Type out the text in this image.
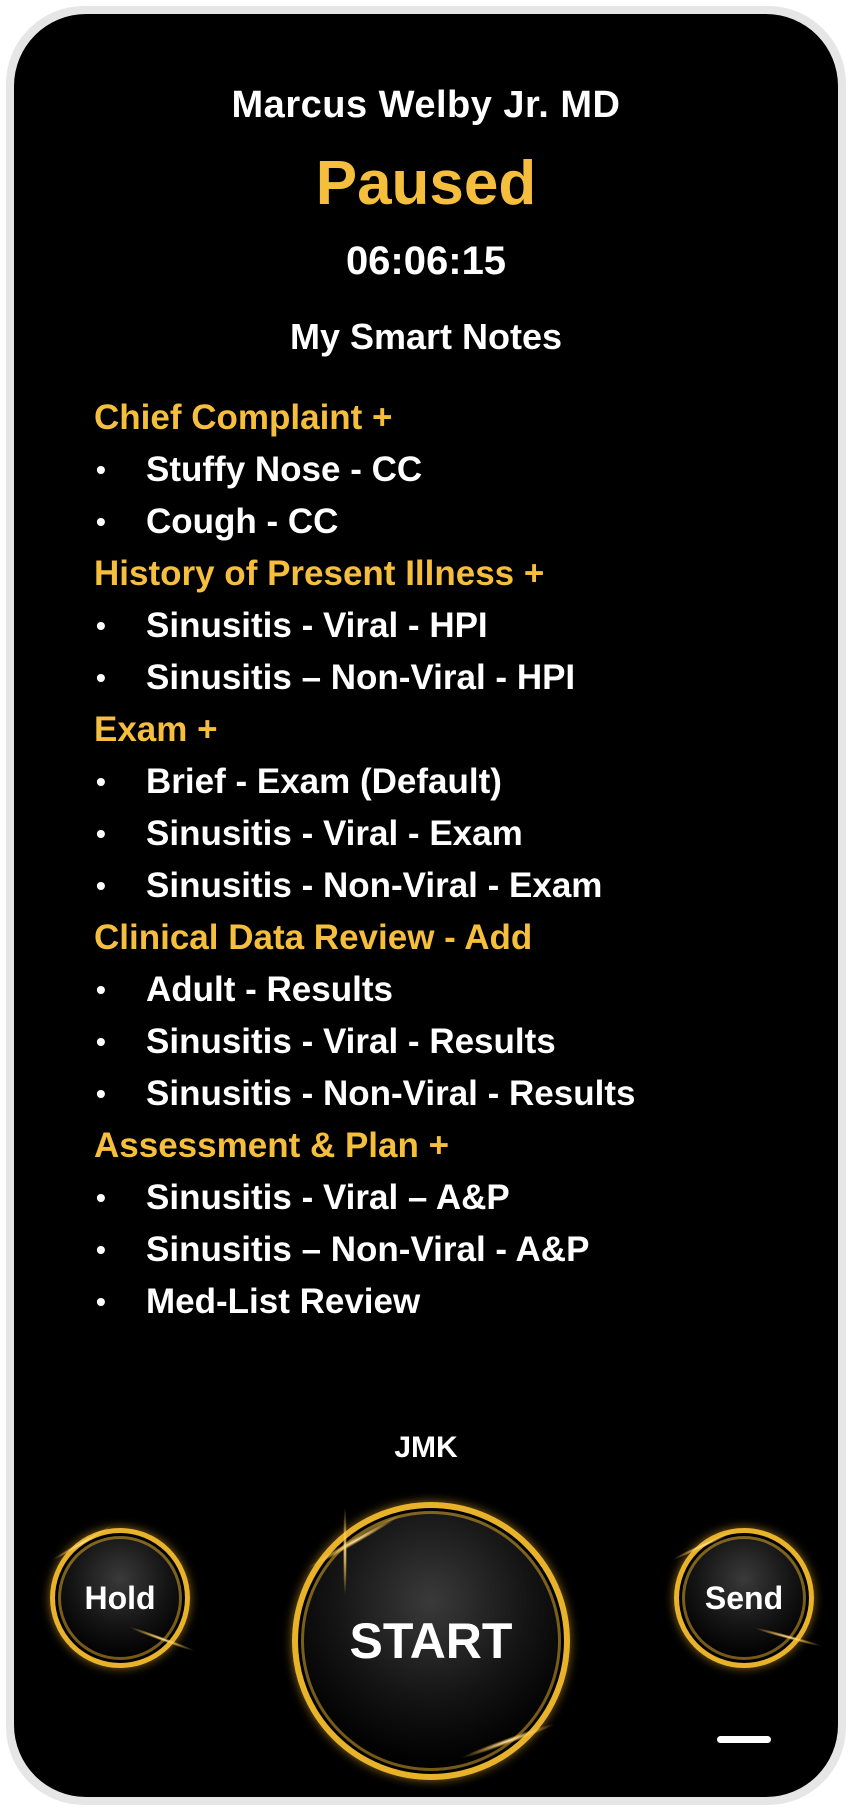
Marcus Welby Jr. MD
Paused
06:06:15
My Smart Notes
Chief Complaint +
• Stuffy Nose - CC
• Cough - CC
History of Present Illness +
• Sinusitis - Viral - HPI
• Sinusitis – Non-Viral - HPI
Exam +
• Brief - Exam (Default)
• Sinusitis - Viral - Exam
• Sinusitis - Non-Viral - Exam
Clinical Data Review - Add
• Adult - Results
• Sinusitis - Viral - Results
• Sinusitis - Non-Viral - Results
Assessment & Plan +
• Sinusitis - Viral – A&P
• Sinusitis – Non-Viral - A&P
• Med-List Review
JMK
Hold
START
Send
